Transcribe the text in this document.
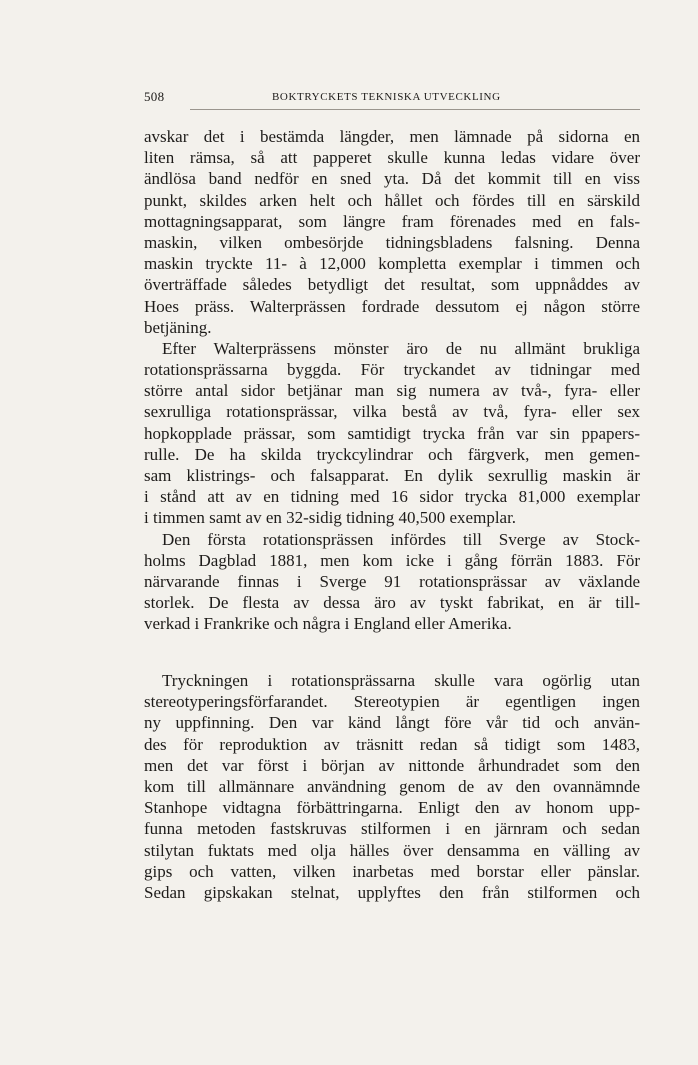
508	BOKTRYCKETS TEKNISKA UTVECKLING
avskar det i bestämda längder, men lämnade på sidorna en
liten rämsa, så att papperet skulle kunna ledas vidare över
ändlösa band nedför en sned yta. Då det kommit till en viss
punkt, skildes arken helt och hållet och fördes till en särskild
mottagningsapparat, som längre fram förenades med en fals-
maskin, vilken ombesörjde tidningsbladens falsning. Denna
maskin tryckte 11- à 12,000 kompletta exemplar i timmen och
överträffade således betydligt det resultat, som uppnåddes av
Hoes präss. Walterprässen fordrade dessutom ej någon större
betjäning.
Efter Walterprässens mönster äro de nu allmänt brukliga
rotationsprässarna byggda. För tryckandet av tidningar med
större antal sidor betjänar man sig numera av två-, fyra- eller
sexrulliga rotationsprässar, vilka bestå av två, fyra- eller sex
hopkopplade prässar, som samtidigt trycka från var sin ppapers-
rulle. De ha skilda tryckcylindrar och färgverk, men gemen-
sam klistrings- och falsapparat. En dylik sexrullig maskin är
i stånd att av en tidning med 16 sidor trycka 81,000 exemplar
i timmen samt av en 32-sidig tidning 40,500 exemplar.
Den första rotationsprässen infördes till Sverge av Stock-
holms Dagblad 1881, men kom icke i gång förrän 1883. För
närvarande finnas i Sverge 91 rotationsprässar av växlande
storlek. De flesta av dessa äro av tyskt fabrikat, en är till-
verkad i Frankrike och några i England eller Amerika.
Tryckningen i rotationsprässarna skulle vara ogörlig utan
stereotyperingsförfarandet. Stereotypien är egentligen ingen
ny uppfinning. Den var känd långt före vår tid och använ-
des för reproduktion av träsnitt redan så tidigt som 1483,
men det var först i början av nittonde århundradet som den
kom till allmännare användning genom de av den ovannämnde
Stanhope vidtagna förbättringarna. Enligt den av honom upp-
funna metoden fastskruvas stilformen i en järnram och sedan
stilytan fuktats med olja hälles över densamma en välling av
gips och vatten, vilken inarbetas med borstar eller pänslar.
Sedan gipskakan stelnat, upplyftes den från stilformen och
